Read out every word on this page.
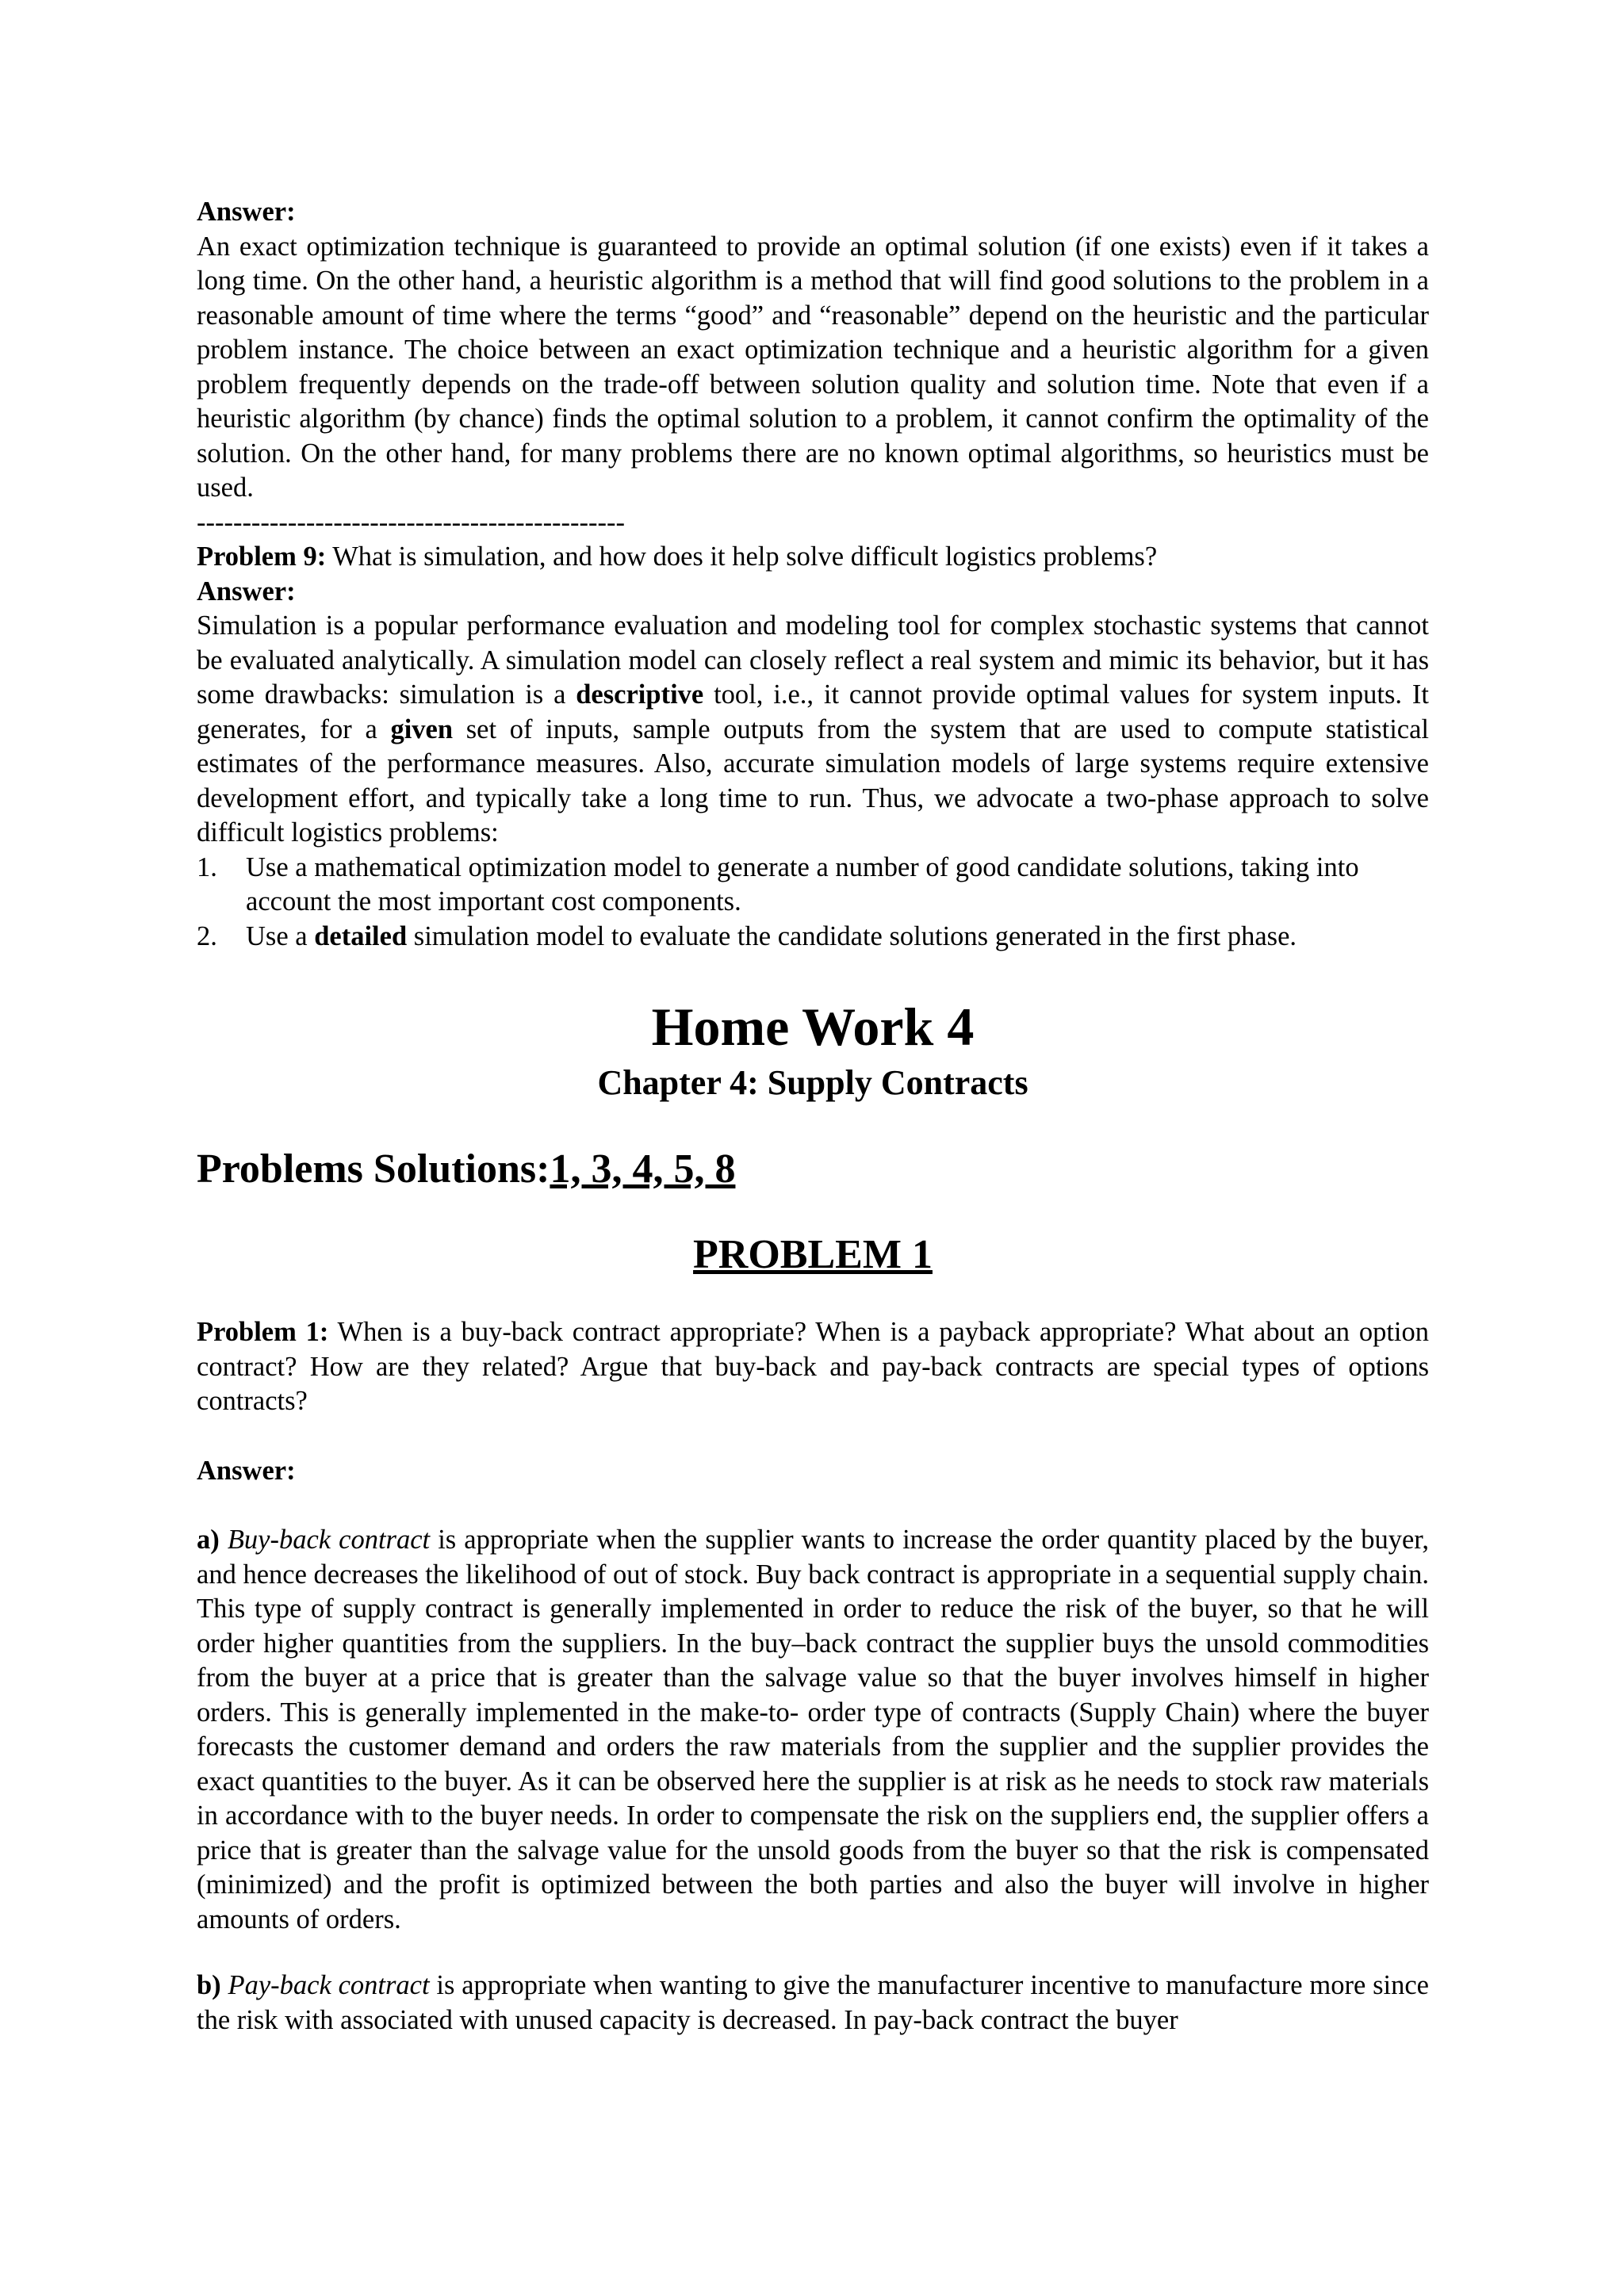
Answer:

An exact optimization technique is guaranteed to provide an optimal solution (if one exists) even if it takes a long time. On the other hand, a heuristic algorithm is a method that will find good solutions to the problem in a reasonable amount of time where the terms “good” and “reasonable” depend on the heuristic and the particular problem instance. The choice between an exact optimization technique and a heuristic algorithm for a given problem frequently depends on the trade-off between solution quality and solution time. Note that even if a heuristic algorithm (by chance) finds the optimal solution to a problem, it cannot confirm the optimality of the solution. On the other hand, for many problems there are no known optimal algorithms, so heuristics must be used.

-----------------------------------------------

Problem 9: What is simulation, and how does it help solve difficult logistics problems?

Answer:

Simulation is a popular performance evaluation and modeling tool for complex stochastic systems that cannot be evaluated analytically. A simulation model can closely reflect a real system and mimic its behavior, but it has some drawbacks: simulation is a descriptive tool, i.e., it cannot provide optimal values for system inputs. It generates, for a given set of inputs, sample outputs from the system that are used to compute statistical estimates of the performance measures. Also, accurate simulation models of large systems require extensive development effort, and typically take a long time to run. Thus, we advocate a two-phase approach to solve difficult logistics problems:

1. Use a mathematical optimization model to generate a number of good candidate solutions, taking into account the most important cost components.
2. Use a detailed simulation model to evaluate the candidate solutions generated in the first phase.
Home Work 4
Chapter 4: Supply Contracts
Problems Solutions:1, 3, 4, 5, 8
PROBLEM 1

Problem 1: When is a buy-back contract appropriate? When is a payback appropriate? What about an option contract? How are they related? Argue that buy-back and pay-back contracts are special types of options contracts?

Answer:

a) Buy-back contract is appropriate when the supplier wants to increase the order quantity placed by the buyer, and hence decreases the likelihood of out of stock. Buy back contract is appropriate in a sequential supply chain. This type of supply contract is generally implemented in order to reduce the risk of the buyer, so that he will order higher quantities from the suppliers. In the buy–back contract the supplier buys the unsold commodities from the buyer at a price that is greater than the salvage value so that the buyer involves himself in higher orders. This is generally implemented in the make-to- order type of contracts (Supply Chain) where the buyer forecasts the customer demand and orders the raw materials from the supplier and the supplier provides the exact quantities to the buyer. As it can be observed here the supplier is at risk as he needs to stock raw materials in accordance with to the buyer needs. In order to compensate the risk on the suppliers end, the supplier offers a price that is greater than the salvage value for the unsold goods from the buyer so that the risk is compensated (minimized) and the profit is optimized between the both parties and also the buyer will involve in higher amounts of orders.

b) Pay-back contract is appropriate when wanting to give the manufacturer incentive to manufacture more since the risk with associated with unused capacity is decreased. In pay-back contract the buyer
